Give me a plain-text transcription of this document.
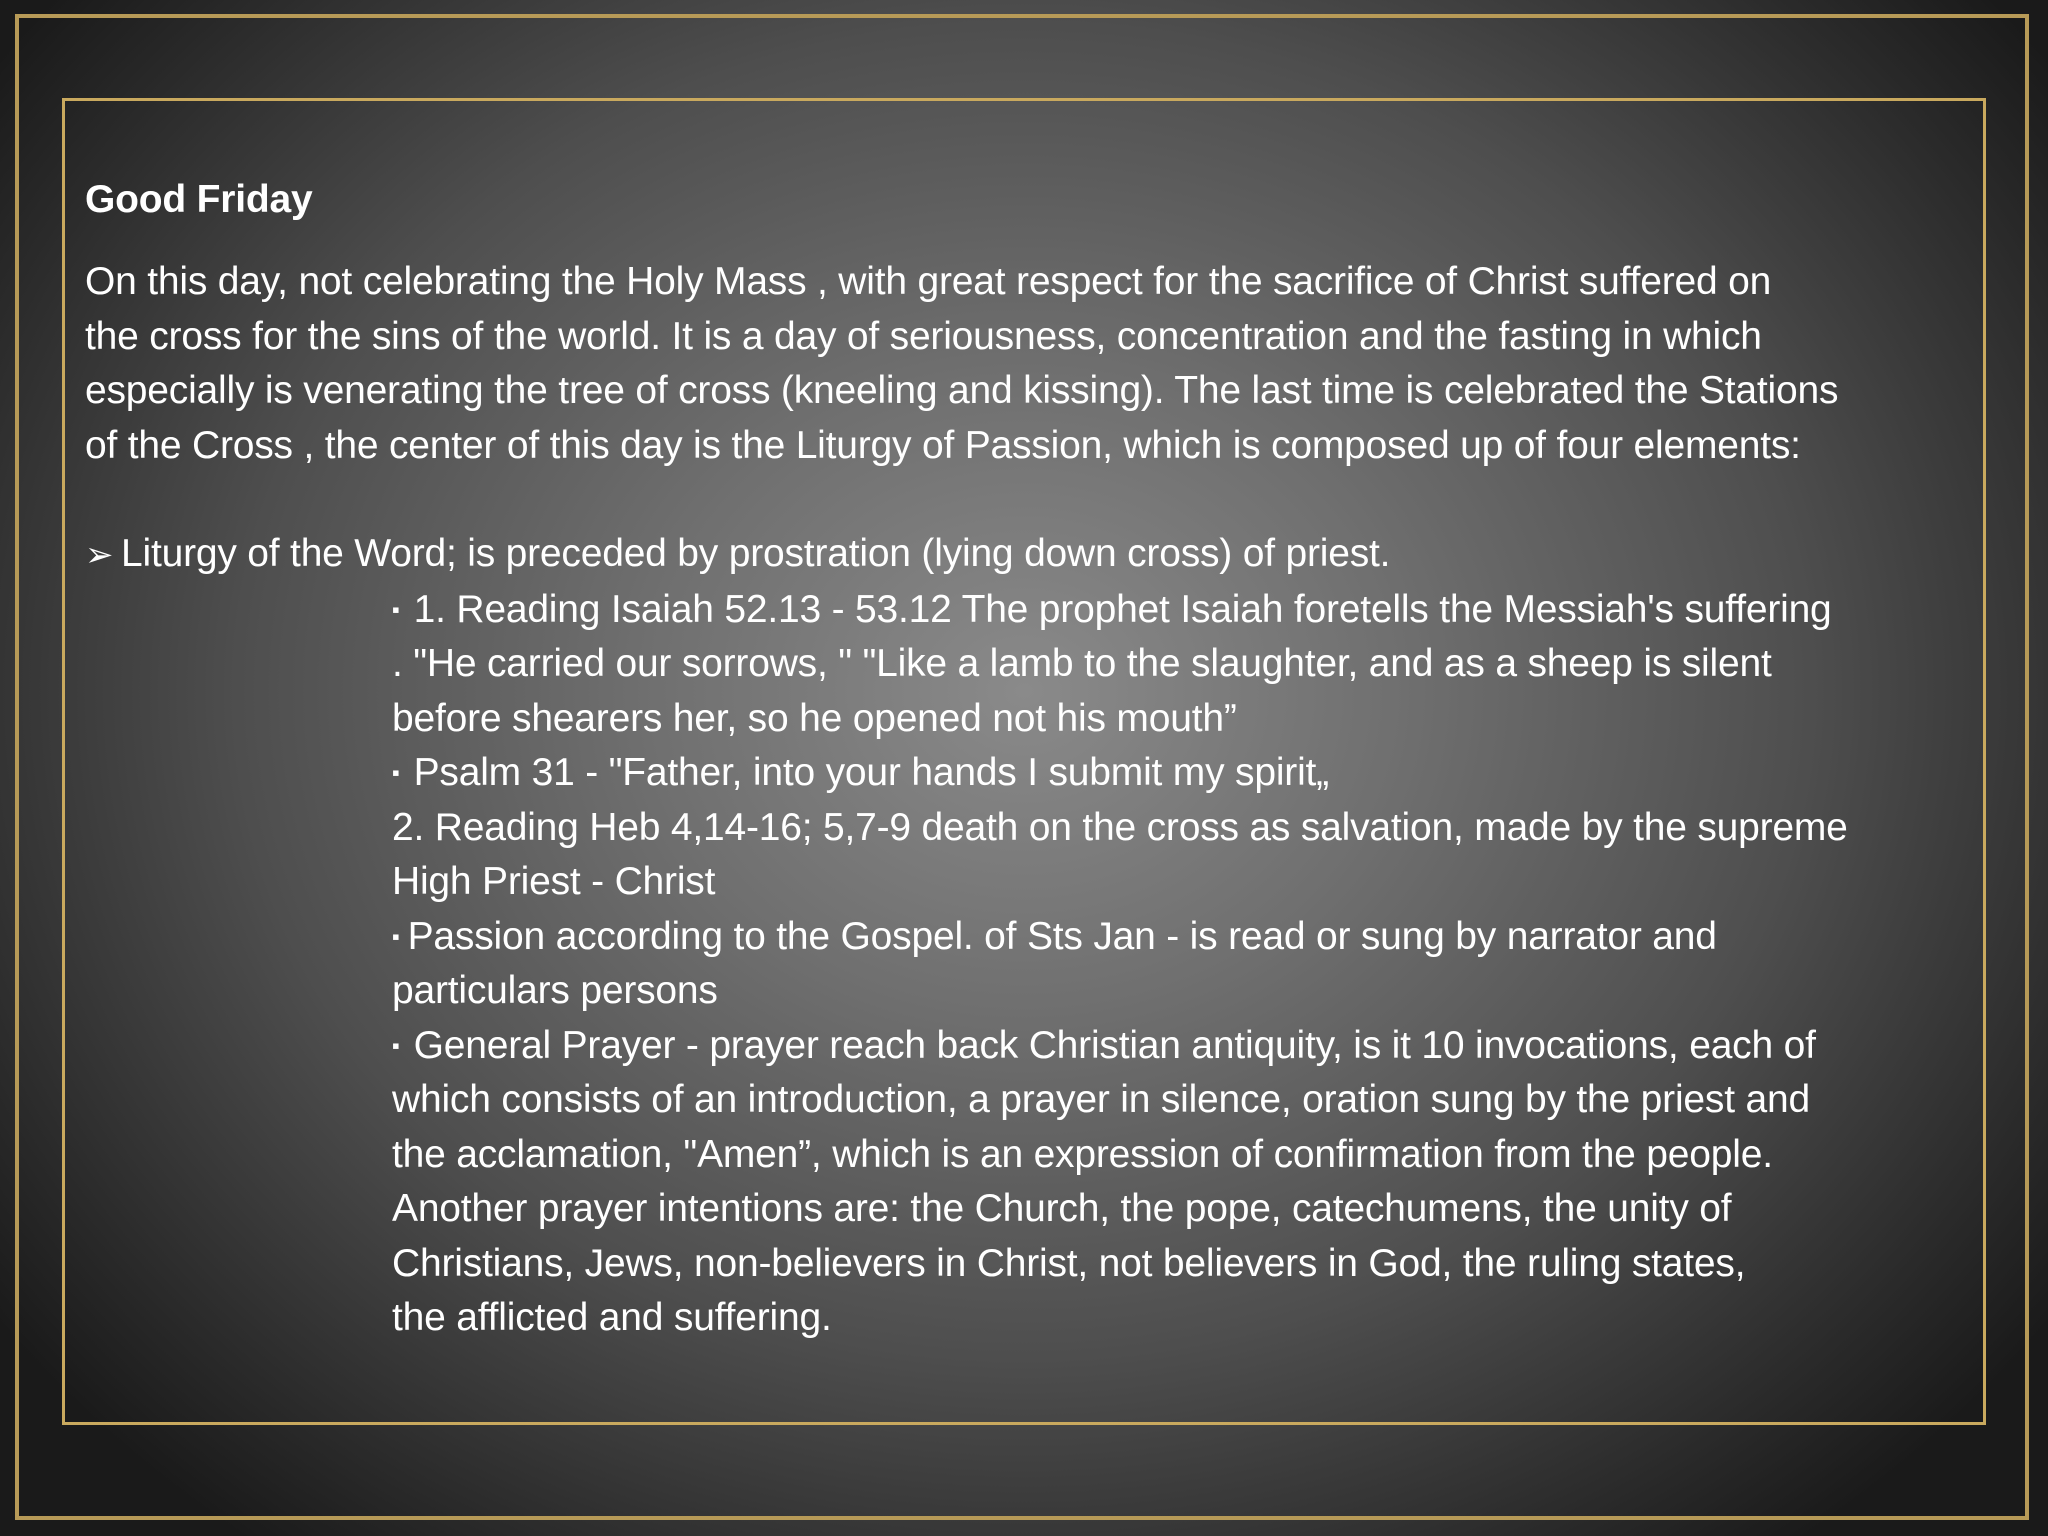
Good Friday

On this day, not celebrating the Holy Mass , with great respect for the sacrifice of Christ suffered on
the cross for the sins of the world. It is a day of seriousness, concentration and the fasting in which
especially is venerating the tree of cross (kneeling and kissing). The last time is celebrated the Stations
of the Cross , the center of this day is the Liturgy of Passion, which is composed up of four elements:

➢ Liturgy of the Word; is preceded by prostration (lying down cross) of priest.

▪ 1. Reading Isaiah 52.13 - 53.12 The prophet Isaiah foretells the Messiah's suffering
. "He carried our sorrows, " "Like a lamb to the slaughter, and as a sheep is silent
before shearers her, so he opened not his mouth”

▪ Psalm 31 - "Father, into your hands I submit my spirit„

2. Reading Heb 4,14-16; 5,7-9 death on the cross as salvation, made by the supreme
High Priest - Christ

▪ Passion according to the Gospel. of Sts Jan - is read or sung by narrator and
particulars persons

▪ General Prayer - prayer reach back Christian antiquity, is it 10 invocations, each of
which consists of an introduction, a prayer in silence, oration sung by the priest and
the acclamation, "Amen”, which is an expression of confirmation from the people.
Another prayer intentions are: the Church, the pope, catechumens, the unity of
Christians, Jews, non-believers in Christ, not believers in God, the ruling states,
the afflicted and suffering.
